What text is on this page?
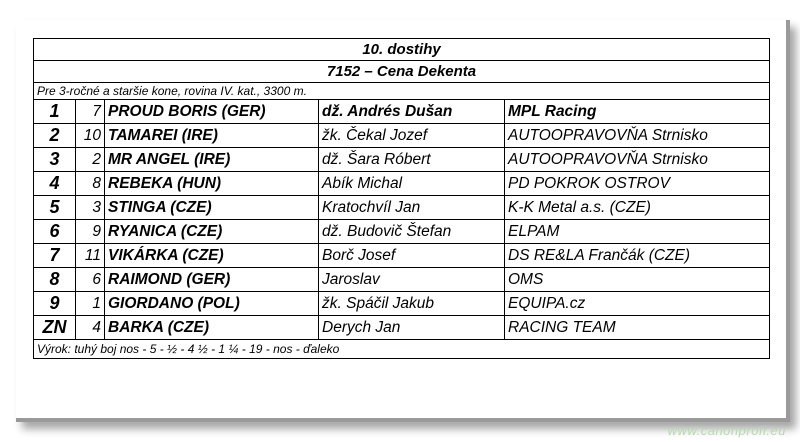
10. dostihy				
7152 – Cena Dekenta				
Pre 3-ročné a staršie kone, rovina IV. kat., 3300 m.				
1	7	PROUD BORIS (GER)	dž. Andrés Dušan	MPL Racing
2	10	TAMAREI (IRE)	žk. Čekal Jozef	AUTOOPRAVOVŇA Strnisko
3	2	MR ANGEL (IRE)	dž. Šara Róbert	AUTOOPRAVOVŇA Strnisko
4	8	REBEKA (HUN)	Abík Michal	PD POKROK OSTROV
5	3	STINGA (CZE)	Kratochvíl Jan	K-K Metal a.s. (CZE)
6	9	RYANICA (CZE)	dž. Budovič Štefan	ELPAM
7	11	VIKÁRKA (CZE)	Borč Josef	DS RE&LA Frančák (CZE)
8	6	RAIMOND (GER)	Jaroslav	OMS
9	1	GIORDANO (POL)	žk. Spáčil Jakub	EQUIPA.cz
ZN	4	BARKA (CZE)	Derych Jan	RACING TEAM
Výrok: tuhý boj nos - 5 - ½ - 4 ½ - 1 ¼ - 19 - nos - ďaleko				
www.canonprofi.eu
